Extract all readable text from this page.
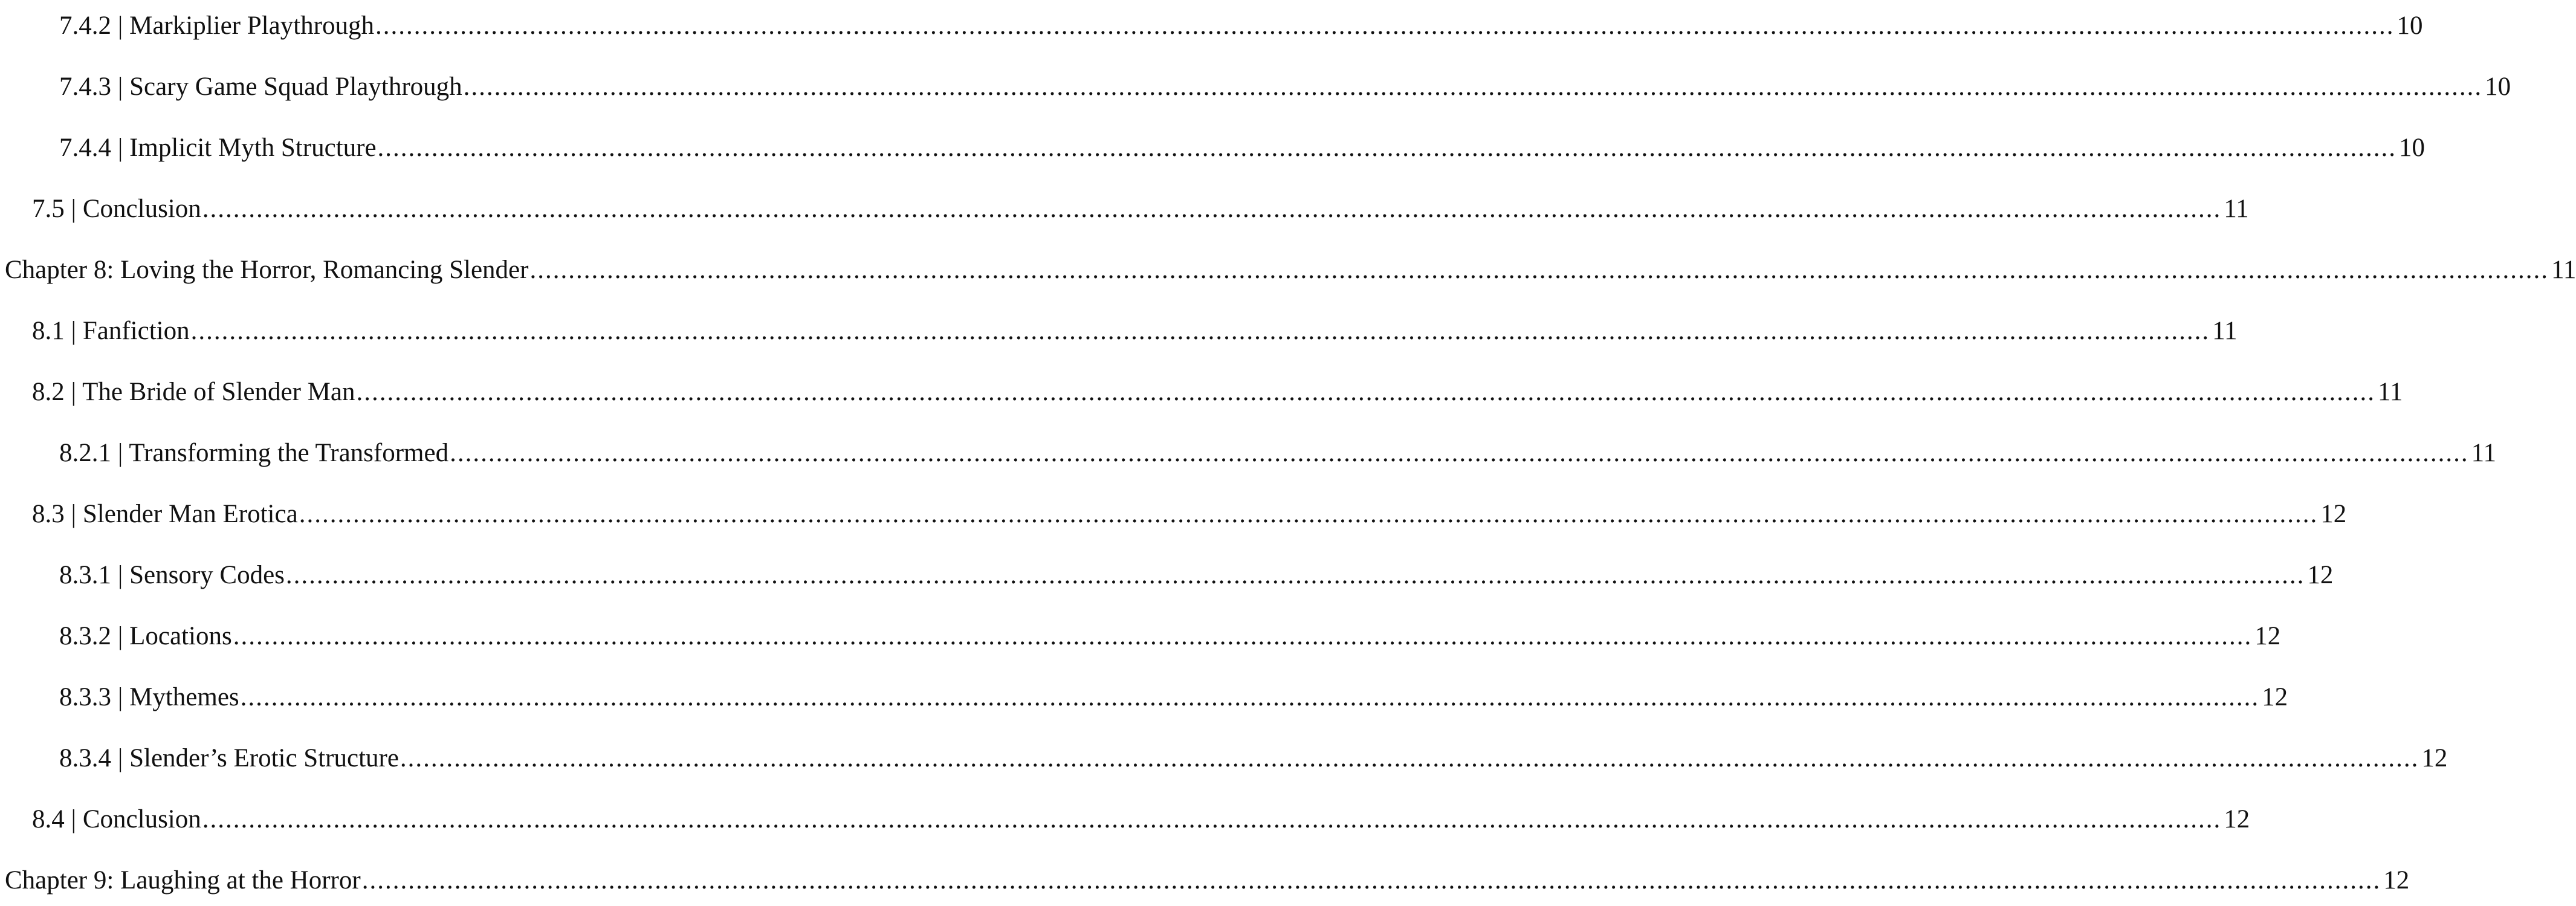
7.4.2 | Markiplier Playthrough ...................................................................................................................................................................................................................................................................... 10
7.4.3 | Scary Game Squad Playthrough ...................................................................................................................................................................................................................................................................... 10
7.4.4 | Implicit Myth Structure ...................................................................................................................................................................................................................................................................... 10
7.5 | Conclusion ...................................................................................................................................................................................................................................................................... 11
Chapter 8: Loving the Horror, Romancing Slender ...................................................................................................................................................................................................................................................................... 11
8.1 | Fanfiction ...................................................................................................................................................................................................................................................................... 11
8.2 | The Bride of Slender Man ...................................................................................................................................................................................................................................................................... 11
8.2.1 | Transforming the Transformed ...................................................................................................................................................................................................................................................................... 11
8.3 | Slender Man Erotica ...................................................................................................................................................................................................................................................................... 12
8.3.1 | Sensory Codes ...................................................................................................................................................................................................................................................................... 12
8.3.2 | Locations ...................................................................................................................................................................................................................................................................... 12
8.3.3 | Mythemes ...................................................................................................................................................................................................................................................................... 12
8.3.4 | Slender’s Erotic Structure ...................................................................................................................................................................................................................................................................... 12
8.4 | Conclusion ...................................................................................................................................................................................................................................................................... 12
Chapter 9: Laughing at the Horror ...................................................................................................................................................................................................................................................................... 12
